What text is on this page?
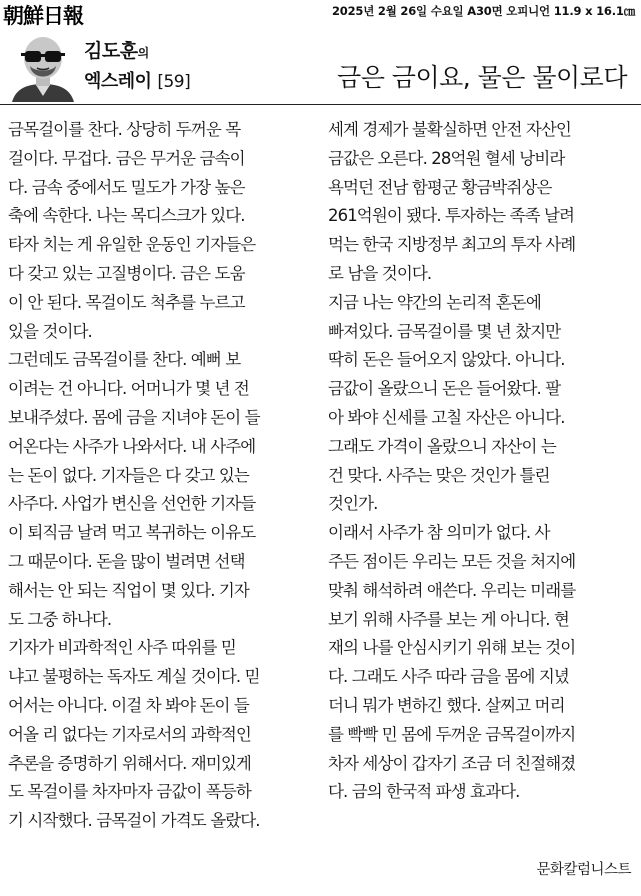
朝鮮日報	2025년 2월 26일 수요일 A30면 오피니언 11.9 x 16.1㎝
김도훈의
엑스레이 [59]	금은 금이요, 물은 물이로다
금목걸이를 찬다. 상당히 두꺼운 목
걸이다. 무겁다. 금은 무거운 금속이
다. 금속 중에서도 밀도가 가장 높은
축에 속한다. 나는 목디스크가 있다.
타자 치는 게 유일한 운동인 기자들은
다 갖고 있는 고질병이다. 금은 도움
이 안 된다. 목걸이도 척추를 누르고
있을 것이다.
그런데도 금목걸이를 찬다. 예뻐 보
이려는 건 아니다. 어머니가 몇 년 전
보내주셨다. 몸에 금을 지녀야 돈이 들
어온다는 사주가 나와서다. 내 사주에
는 돈이 없다. 기자들은 다 갖고 있는
사주다. 사업가 변신을 선언한 기자들
이 퇴직금 날려 먹고 복귀하는 이유도
그 때문이다. 돈을 많이 벌려면 선택
해서는 안 되는 직업이 몇 있다. 기자
도 그중 하나다.
기자가 비과학적인 사주 따위를 믿
냐고 불평하는 독자도 계실 것이다. 믿
어서는 아니다. 이걸 차 봐야 돈이 들
어올 리 없다는 기자로서의 과학적인
추론을 증명하기 위해서다. 재미있게
도 목걸이를 차자마자 금값이 폭등하
기 시작했다. 금목걸이 가격도 올랐다.
세계 경제가 불확실하면 안전 자산인
금값은 오른다. 28억원 혈세 낭비라
욕먹던 전남 함평군 황금박쥐상은
261억원이 됐다. 투자하는 족족 날려
먹는 한국 지방정부 최고의 투자 사례
로 남을 것이다.
지금 나는 약간의 논리적 혼돈에
빠져있다. 금목걸이를 몇 년 찼지만
딱히 돈은 들어오지 않았다. 아니다.
금값이 올랐으니 돈은 들어왔다. 팔
아 봐야 신세를 고칠 자산은 아니다.
그래도 가격이 올랐으니 자산이 는
건 맞다. 사주는 맞은 것인가 틀린
것인가.
이래서 사주가 참 의미가 없다. 사
주든 점이든 우리는 모든 것을 처지에
맞춰 해석하려 애쓴다. 우리는 미래를
보기 위해 사주를 보는 게 아니다. 현
재의 나를 안심시키기 위해 보는 것이
다. 그래도 사주 따라 금을 몸에 지녔
더니 뭐가 변하긴 했다. 살찌고 머리
를 빡빡 민 몸에 두꺼운 금목걸이까지
차자 세상이 갑자기 조금 더 친절해졌
다. 금의 한국적 파생 효과다.
문화칼럼니스트
